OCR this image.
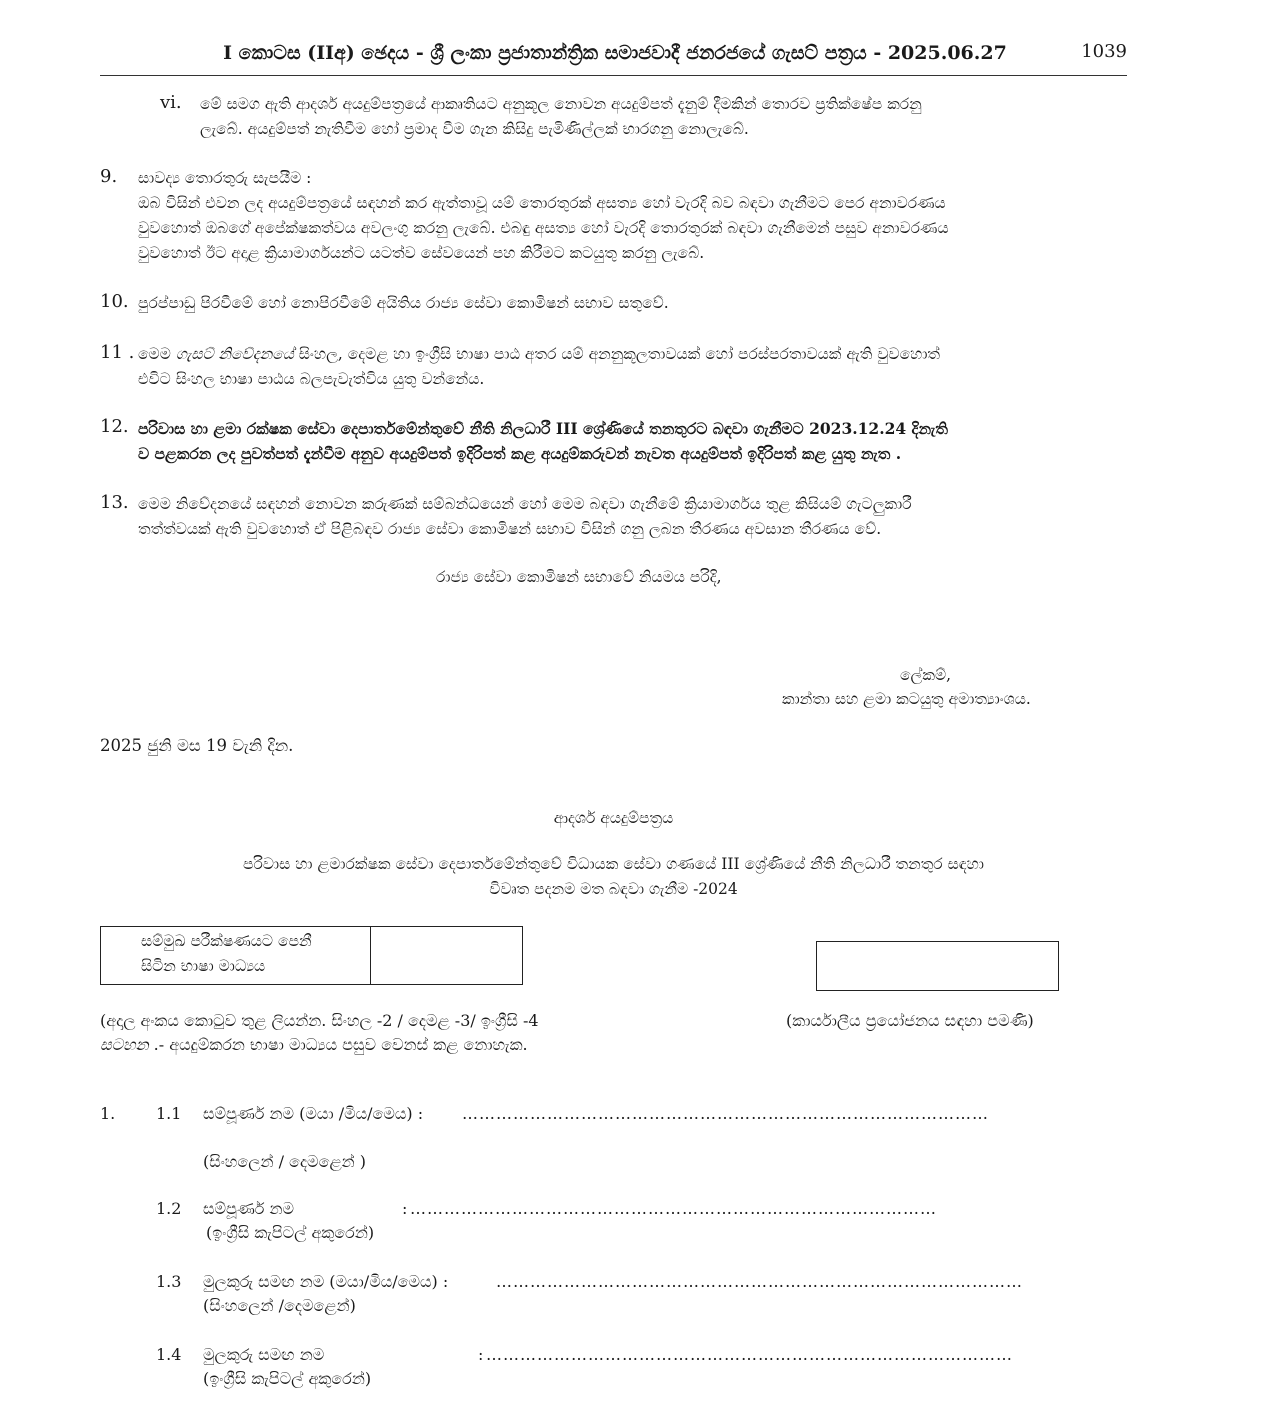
I කොටස (IIඅ) ඡෙදය - ශ්‍රී ලංකා ප්‍රජාතාන්ත්‍රික සමාජවාදී ජනරජයේ ගැසට් පත්‍රය - 2025.06.27	1039
vi. මේ සමග ඇති ආදර්ශ අයදුම්පත්‍රයේ ආකෘතියට අනුකූල නොවන අයදුම්පත් දැනුම් දීමකින් තොරව ප්‍රතික්ෂේප කරනු
ලැබේ. අයදුම්පත් නැතිවීම හෝ ප්‍රමාද වීම ගැන කිසිදු පැමිණිල්ලක් භාරගනු නොලැබේ.
9. සාවද්‍ය තොරතුරු සැපයීම :
ඔබ විසින් එවන ලද අයදුම්පත්‍රයේ සඳහන් කර ඇත්තාවූ යම් තොරතුරක් අසත්‍ය හෝ වැරදි බව බඳවා ගැනීමට පෙර අනාවරණය
වුවහොත් ඔබගේ අපේක්ෂකත්වය අවලංගු කරනු ලැබේ. එබඳු අසත්‍ය හෝ වැරදි තොරතුරක් බඳවා ගැනීමෙන් පසුව අනාවරණය
වුවහොත් ඊට අදාළ ක්‍රියාමාර්ගයන්ට යටත්ව සේවයෙන් පහ කිරීමට කටයුතු කරනු ලැබේ.
10. පුරප්පාඩු පිරවීමේ හෝ නොපිරවීමේ අයිතිය රාජ්‍ය සේවා කොමිෂන් සභාව සතුවේ.
11 . මෙම ගැසට් නිවේදනයේ සිංහල, දෙමළ හා ඉංග්‍රීසි භාෂා පාඨ අතර යම් අනනුකූලතාවයක් හෝ පරස්පරතාවයක් ඇති වුවහොත්
එවිට සිංහල භාෂා පාඨය බලපැවැත්විය යුතු වන්නේය.
12. පරිවාස හා ළමා රක්ෂක සේවා දෙපාර්තමේන්තුවේ නීති නිලධාරී III ශ්‍රේණියේ තනතුරට බඳවා ගැනීමට 2023.12.24 දිනැති
ව පළකරන ලද පුවත්පත් දැන්වීම අනුව අයදුම්පත් ඉදිරිපත් කළ අයදුම්කරුවන් නැවත අයදුම්පත් ඉදිරිපත් කළ යුතු නැත .
13. මෙම නිවේදනයේ සඳහන් නොවන කරුණක් සම්බන්ධයෙන් හෝ මෙම බඳවා ගැනීමේ ක්‍රියාමාර්ගය තුළ කිසියම් ගැටලුකාරී
තත්ත්වයක් ඇති වුවහොත් ඒ පිළිබඳව රාජ්‍ය සේවා කොමිෂන් සභාව විසින් ගනු ලබන තීරණය අවසාන තීරණය වේ.
රාජ්‍ය සේවා කොමිෂන් සභාවේ නියමය පරිදි,
ලේකම්,
කාන්තා සහ ළමා කටයුතු අමාත්‍යාංශය.
2025 ජුනි මස 19 වැනි දින.
ආදර්ශ අයදුම්පත්‍රය
පරිවාස හා ළමාරක්ෂක සේවා දෙපාර්තමේන්තුවේ විධායක සේවා ගණයේ III ශ්‍රේණියේ නීති නිලධාරී තනතුර සඳහා
විවෘත පදනම මත බඳවා ගැනීම -2024
සම්මුඛ පරීක්ෂණයට පෙනී
සිටින භාෂා මාධ්‍යය
(අදාල අංකය කොටුව තුළ ලියන්න. සිංහල -2 / දෙමළ -3/ ඉංග්‍රීසි -4	(කාර්යාලීය ප්‍රයෝජනය සඳහා පමණි)
සටහන .- අයදුම්කරන භාෂා මාධ්‍යය පසුව වෙනස් කළ නොහැක.
1.	1.1 සම්පූර්ණ නම (මයා /මිය/මෙය) : …………………………………………………………………………………
(සිංහලෙන් / දෙමළෙන් )
1.2 සම්පූර්ණ නම	: …………………………………………………………………………………
(ඉංග්‍රීසි කැපිටල් අකුරෙන්)
1.3 මුලකුරු සමඟ නම (මයා/මිය/මෙය) :	…………………………………………………………………………………
(සිංහලෙන් /දෙමළෙන්)
1.4 මුලකුරු සමඟ නම	: …………………………………………………………………………………
(ඉංග්‍රීසි කැපිටල් අකුරෙන්)
